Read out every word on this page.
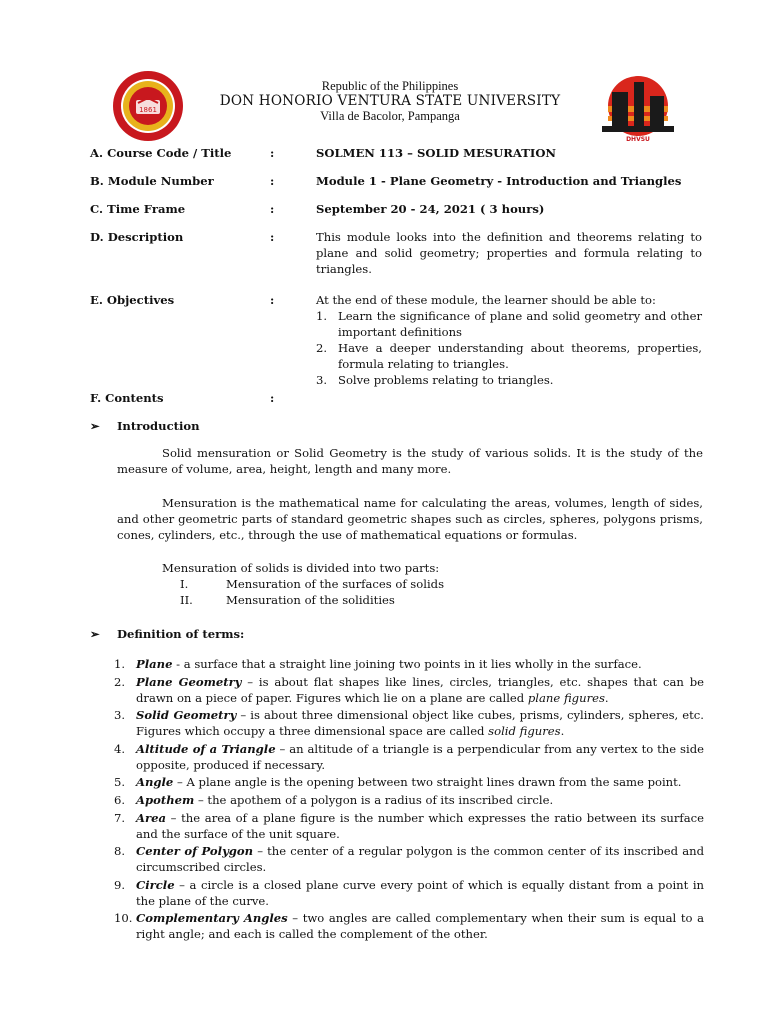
1861
Republic of the Philippines
DON HONORIO VENTURA STATE UNIVERSITY
Villa de Bacolor, Pampanga
DHVSU
A. Course Code / Title	:	SOLMEN 113 – SOLID MESURATION
B. Module Number	:	Module 1 - Plane Geometry - Introduction and Triangles
C. Time Frame	:	September 20 - 24, 2021 ( 3 hours)
D. Description	:	This module looks into the definition and theorems relating to plane and solid geometry; properties and formula relating to triangles.
E. Objectives	:	At the end of these module, the learner should be able to:
1. Learn the significance of plane and solid geometry and other important definitions
2. Have a deeper understanding about theorems, properties, formula relating to triangles.
3. Solve problems relating to triangles.
F. Contents	:
➢ Introduction
Solid mensuration or Solid Geometry is the study of various solids. It is the study of the measure of volume, area, height, length and many more.
Mensuration is the mathematical name for calculating the areas, volumes, length of sides, and other geometric parts of standard geometric shapes such as circles, spheres, polygons prisms, cones, cylinders, etc., through the use of mathematical equations or formulas.
Mensuration of solids is divided into two parts:
I.	Mensuration of the surfaces of solids
II.	Mensuration of the solidities
➢ Definition of terms:
1. Plane - a surface that a straight line joining two points in it lies wholly in the surface.
2. Plane Geometry – is about flat shapes like lines, circles, triangles, etc. shapes that can be drawn on a piece of paper. Figures which lie on a plane are called plane figures.
3. Solid Geometry – is about three dimensional object like cubes, prisms, cylinders, spheres, etc. Figures which occupy a three dimensional space are called solid figures.
4. Altitude of a Triangle – an altitude of a triangle is a perpendicular from any vertex to the side opposite, produced if necessary.
5. Angle – A plane angle is the opening between two straight lines drawn from the same point.
6. Apothem – the apothem of a polygon is a radius of its inscribed circle.
7. Area – the area of a plane figure is the number which expresses the ratio between its surface and the surface of the unit square.
8. Center of Polygon – the center of a regular polygon is the common center of its inscribed and circumscribed circles.
9. Circle – a circle is a closed plane curve every point of which is equally distant from a point in the plane of the curve.
10. Complementary Angles – two angles are called complementary when their sum is equal to a right angle; and each is called the complement of the other.
